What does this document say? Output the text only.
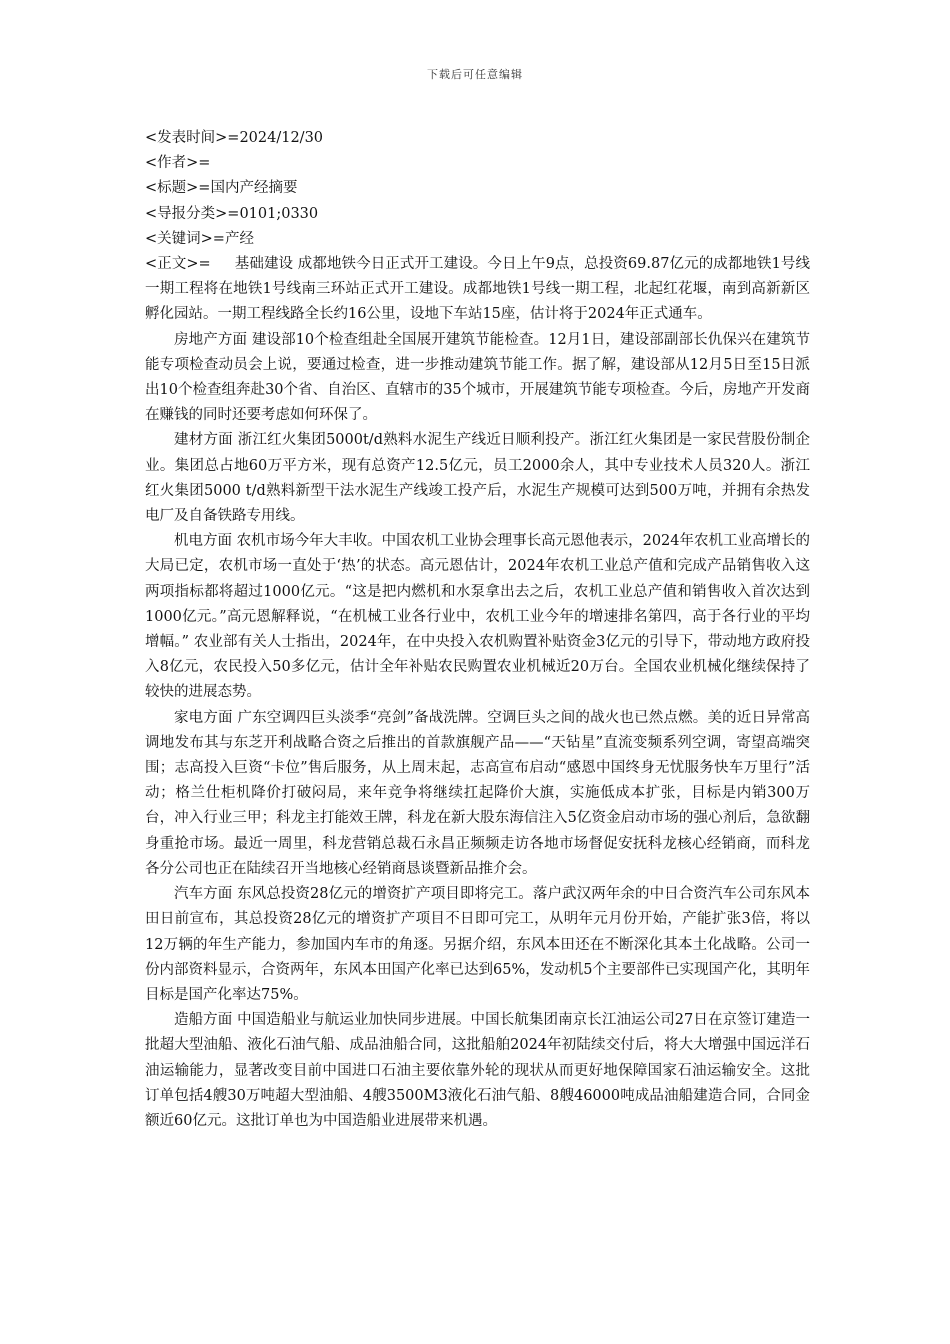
下载后可任意编辑

<发表时间>=2024/12/30

<作者>=

<标题>=国内产经摘要

<导报分类>=0101;0330

<关键词>=产经

<正文>= 基础建设 成都地铁今日正式开工建设。今日上午9点，总投资69.87亿元的成都地铁1号线一期工程将在地铁1号线南三环站正式开工建设。成都地铁1号线一期工程，北起红花堰，南到高新新区孵化园站。一期工程线路全长约16公里，设地下车站15座，估计将于2024年正式通车。

房地产方面 建设部10个检查组赴全国展开建筑节能检查。12月1日，建设部副部长仇保兴在建筑节能专项检查动员会上说，要通过检查，进一步推动建筑节能工作。据了解，建设部从12月5日至15日派出10个检查组奔赴30个省、自治区、直辖市的35个城市，开展建筑节能专项检查。今后，房地产开发商在赚钱的同时还要考虑如何环保了。

建材方面 浙江红火集团5000t/d熟料水泥生产线近日顺利投产。浙江红火集团是一家民营股份制企业。集团总占地60万平方米，现有总资产12.5亿元，员工2000余人，其中专业技术人员320人。浙江红火集团5000 t/d熟料新型干法水泥生产线竣工投产后，水泥生产规模可达到500万吨，并拥有余热发电厂及自备铁路专用线。

机电方面 农机市场今年大丰收。中国农机工业协会理事长高元恩他表示，2024年农机工业高增长的大局已定，农机市场一直处于‘热’的状态。高元恩估计，2024年农机工业总产值和完成产品销售收入这两项指标都将超过1000亿元。“这是把内燃机和水泵拿出去之后，农机工业总产值和销售收入首次达到1000亿元。”高元恩解释说，“在机械工业各行业中，农机工业今年的增速排名第四，高于各行业的平均增幅。” 农业部有关人士指出，2024年，在中央投入农机购置补贴资金3亿元的引导下，带动地方政府投入8亿元，农民投入50多亿元，估计全年补贴农民购置农业机械近20万台。全国农业机械化继续保持了较快的进展态势。

家电方面 广东空调四巨头淡季“亮剑”备战洗牌。空调巨头之间的战火也已然点燃。美的近日异常高调地发布其与东芝开利战略合资之后推出的首款旗舰产品——“天钻星”直流变频系列空调，寄望高端突围；志高投入巨资“卡位”售后服务，从上周末起，志高宣布启动“感恩中国终身无忧服务快车万里行”活动；格兰仕柜机降价打破闷局，来年竞争将继续扛起降价大旗，实施低成本扩张，目标是内销300万台，冲入行业三甲；科龙主打能效王牌，科龙在新大股东海信注入5亿资金启动市场的强心剂后，急欲翻身重抢市场。最近一周里，科龙营销总裁石永昌正频频走访各地市场督促安抚科龙核心经销商，而科龙各分公司也正在陆续召开当地核心经销商恳谈暨新品推介会。

汽车方面 东风总投资28亿元的增资扩产项目即将完工。落户武汉两年余的中日合资汽车公司东风本田日前宣布，其总投资28亿元的增资扩产项目不日即可完工，从明年元月份开始，产能扩张3倍，将以12万辆的年生产能力，参加国内车市的角逐。另据介绍，东风本田还在不断深化其本土化战略。公司一份内部资料显示，合资两年，东风本田国产化率已达到65%，发动机5个主要部件已实现国产化，其明年目标是国产化率达75%。

造船方面 中国造船业与航运业加快同步进展。中国长航集团南京长江油运公司27日在京签订建造一批超大型油船、液化石油气船、成品油船合同，这批船舶2024年初陆续交付后，将大大增强中国远洋石油运输能力，显著改变目前中国进口石油主要依靠外轮的现状从而更好地保障国家石油运输安全。这批订单包括4艘30万吨超大型油船、4艘3500M3液化石油气船、8艘46000吨成品油船建造合同，合同金额近60亿元。这批订单也为中国造船业进展带来机遇。
